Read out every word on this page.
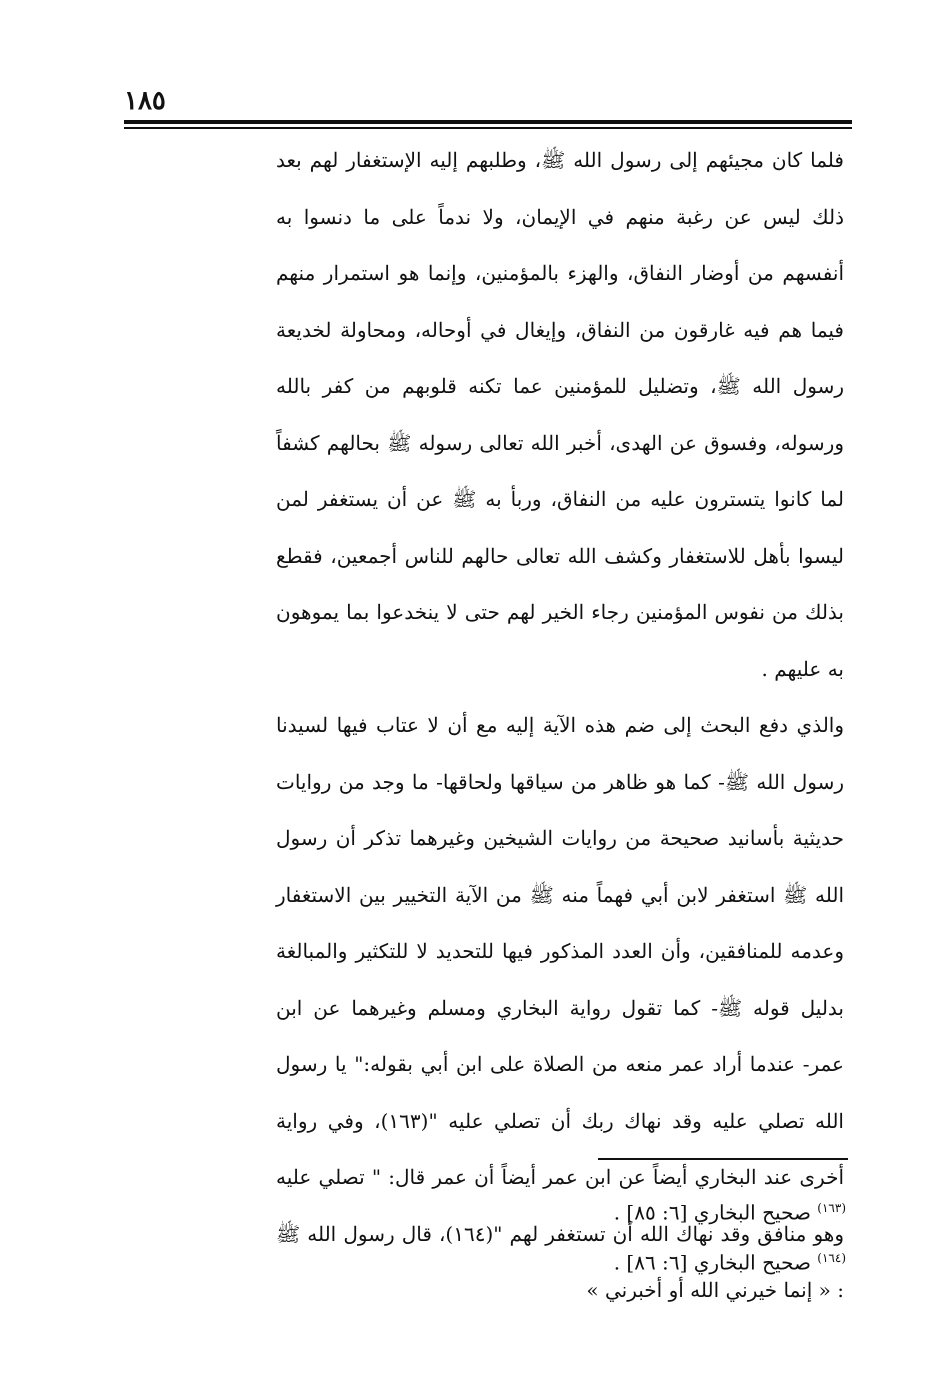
١٨٥

فلما كان مجيئهم إلى رسول الله ﷺ، وطلبهم إليه الإستغفار لهم بعد ذلك ليس عن رغبة منهم في الإيمان، ولا ندماً على ما دنسوا به أنفسهم من أوضار النفاق، والهزء بالمؤمنين، وإنما هو استمرار منهم فيما هم فيه غارقون من النفاق، وإيغال في أوحاله، ومحاولة لخديعة رسول الله ﷺ، وتضليل للمؤمنين عما تكنه قلوبهم من كفر بالله ورسوله، وفسوق عن الهدى، أخبر الله تعالى رسوله ﷺ بحالهم كشفاً لما كانوا يتسترون عليه من النفاق، وربأ به ﷺ عن أن يستغفر لمن ليسوا بأهل للاستغفار وكشف الله تعالى حالهم للناس أجمعين، فقطع بذلك من نفوس المؤمنين رجاء الخير لهم حتى لا ينخدعوا بما يموهون به عليهم .

والذي دفع البحث إلى ضم هذه الآية إليه مع أن لا عتاب فيها لسيدنا رسول الله ﷺ- كما هو ظاهر من سياقها ولحاقها- ما وجد من روايات حديثية بأسانيد صحيحة من روايات الشيخين وغيرهما تذكر أن رسول الله ﷺ استغفر لابن أبي فهماً منه ﷺ من الآية التخيير بين الاستغفار وعدمه للمنافقين، وأن العدد المذكور فيها للتحديد لا للتكثير والمبالغة بدليل قوله ﷺ- كما تقول رواية البخاري ومسلم وغيرهما عن ابن عمر- عندما أراد عمر منعه من الصلاة على ابن أبي بقوله:" يا رسول الله تصلي عليه وقد نهاك ربك أن تصلي عليه "(١٦٣)، وفي رواية أخرى عند البخاري أيضاً عن ابن عمر أيضاً أن عمر قال: " تصلي عليه وهو منافق وقد نهاك الله أن تستغفر لهم "(١٦٤)، قال رسول الله ﷺ : « إنما خيرني الله أو أخبرني »

$^{(١٦٣)}$ صحيح البخاري [٦: ٨٥] .
$^{(١٦٤)}$ صحيح البخاري [٦: ٨٦] .
